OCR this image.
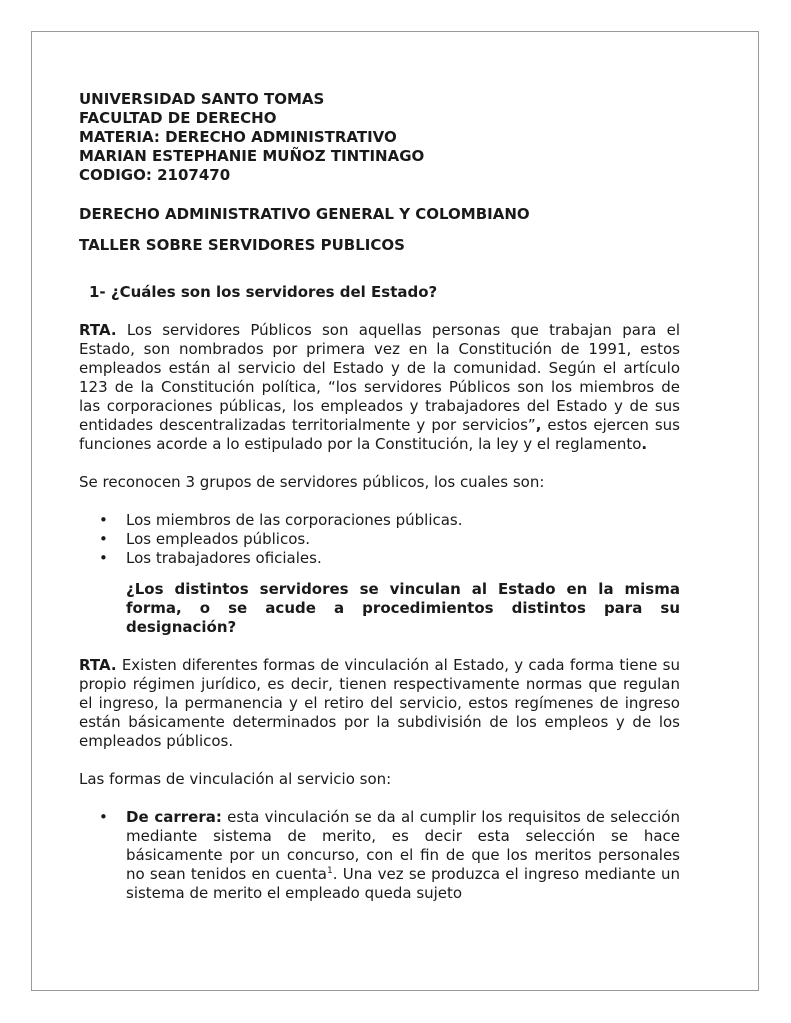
UNIVERSIDAD SANTO TOMAS

FACULTAD DE DERECHO

MATERIA: DERECHO ADMINISTRATIVO

MARIAN ESTEPHANIE MUÑOZ TINTINAGO

CODIGO: 2107470

DERECHO ADMINISTRATIVO GENERAL Y COLOMBIANO

TALLER SOBRE SERVIDORES PUBLICOS

1- ¿Cuáles son los servidores del Estado?

RTA. Los servidores Públicos son aquellas personas que trabajan para el Estado, son nombrados por primera vez en la Constitución de 1991, estos empleados están al servicio del Estado y de la comunidad. Según el artículo 123 de la Constitución política, “los servidores Públicos son los miembros de las corporaciones públicas, los empleados y trabajadores del Estado y de sus entidades descentralizadas territorialmente y por servicios”, estos ejercen sus funciones acorde a lo estipulado por la Constitución, la ley y el reglamento.

Se reconocen 3 grupos de servidores públicos, los cuales son:

• Los miembros de las corporaciones públicas.
• Los empleados públicos.
• Los trabajadores oficiales.

¿Los distintos servidores se vinculan al Estado en la misma forma, o se acude a procedimientos distintos para su designación?

RTA. Existen diferentes formas de vinculación al Estado, y cada forma tiene su propio régimen jurídico, es decir, tienen respectivamente normas que regulan el ingreso, la permanencia y el retiro del servicio, estos regímenes de ingreso están básicamente determinados por la subdivisión de los empleos y de los empleados públicos.

Las formas de vinculación al servicio son:

• De carrera: esta vinculación se da al cumplir los requisitos de selección mediante sistema de merito, es decir esta selección se hace básicamente por un concurso, con el fin de que los meritos personales no sean tenidos en cuenta$^1$. Una vez se produzca el ingreso mediante un sistema de merito el empleado queda sujeto
